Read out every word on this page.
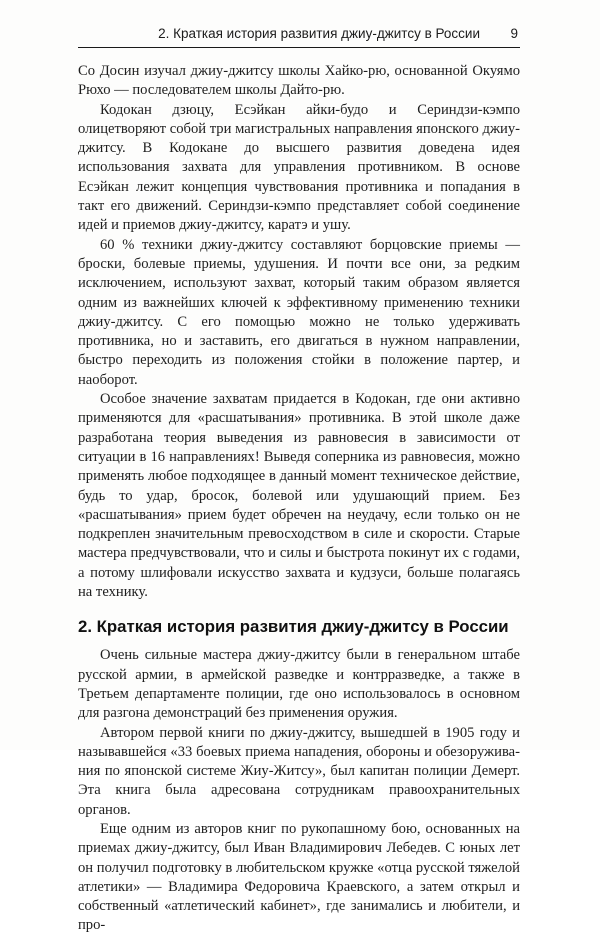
2. Краткая история развития джиу-джитсу в России 9

Со Досин изучал джиу-джитсу школы Хайко-рю, основанной Окуямо Рюхо — последователем школы Дайто-рю.

Кодокан дзюцу, Есэйкан айки-будо и Сериндзи-кэмпо олицетворяют собой три магистральных направления японского джиу-джитсу. В Кодокане до высшего развития доведена идея использования захвата для управления противником. В основе Есэйкан лежит концепция чувствования противника и попадания в такт его движений. Сериндзи-кэмпо представляет собой соединение идей и приемов джиу-джитсу, каратэ и ушу.

60 % техники джиу-джитсу составляют борцовские приемы — броски, болевые приемы, удушения. И почти все они, за редким исключением, используют захват, который таким образом является одним из важнейших ключей к эффективному применению техники джиу-джитсу. С его помощью можно не только удерживать противника, но и заставить, его двигаться в нужном направлении, быстро переходить из положения стойки в положение партер, и наоборот.

Особое значение захватам придается в Кодокан, где они активно применяются для «расшатывания» противника. В этой школе даже разработана теория выведения из равновесия в зависимости от ситуации в 16 направлениях! Выведя соперника из равновесия, можно применять любое подходящее в данный момент техническое действие, будь то удар, бросок, болевой или удушающий прием. Без «расшатывания» прием будет обречен на неудачу, если только он не подкреплен значительным превосходством в силе и скорости. Старые мастера предчувствовали, что и силы и быстрота покинут их с годами, а потому шлифовали искусство захвата и кудзуси, больше полагаясь на технику.

2. Краткая история развития джиу-джитсу в России

Очень сильные мастера джиу-джитсу были в генеральном штабе русской армии, в армейской разведке и контрразведке, а также в Третьем департаменте полиции, где оно использовалось в основном для разгона демонстраций без применения оружия.

Автором первой книги по джиу-джитсу, вышедшей в 1905 году и называвшейся «33 боевых приема нападения, обороны и обезоруживания по японской системе Жиу-Житсу», был капитан полиции Демерт. Эта книга была адресована сотрудникам правоохранительных органов.

Еще одним из авторов книг по рукопашному бою, основанных на приемах джиу-джитсу, был Иван Владимирович Лебедев. С юных лет он получил подготовку в любительском кружке «отца русской тяжелой атлетики» — Владимира Федоровича Краевского, а затем открыл и собственный «атлетический кабинет», где занимались и любители, и про-
